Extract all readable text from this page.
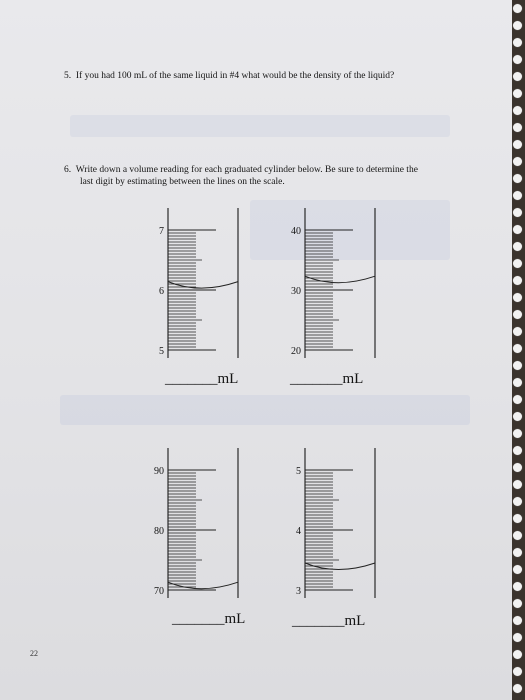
5. If you had 100 mL of the same liquid in #4 what would be the density of the liquid?
6. Write down a volume reading for each graduated cylinder below. Be sure to determine the
last digit by estimating between the lines on the scale.
7
6
5
40
30
20
90
80
70
5
4
3
_______mL	_______mL
_______mL	_______mL
22
